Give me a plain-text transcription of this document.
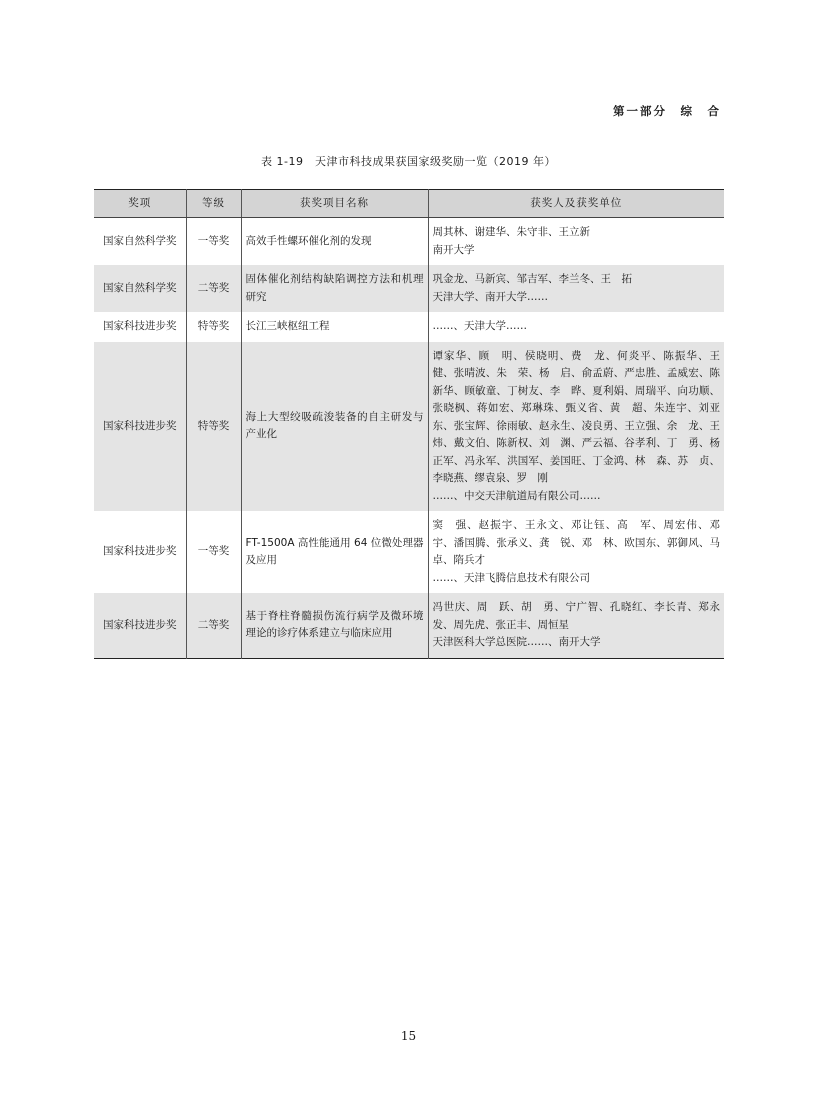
第一部分　综　合
表 1-19　天津市科技成果获国家级奖励一览（2019 年）
奖项	等级	获奖项目名称	获奖人及获奖单位
国家自然科学奖	一等奖	高效手性螺环催化剂的发现	周其林、谢建华、朱守非、王立新
南开大学

国家自然科学奖	二等奖	固体催化剂结构缺陷调控方法和机理研究	巩金龙、马新宾、邹吉军、李兰冬、王　拓
天津大学、南开大学……

国家科技进步奖	特等奖	长江三峡枢纽工程	……、天津大学……

国家科技进步奖	特等奖	海上大型绞吸疏浚装备的自主研发与产业化	谭家华、顾　明、侯晓明、费　龙、何炎平、陈振华、王　健、张晴波、朱　荣、杨　启、俞孟蔚、严忠胜、孟威宏、陈新华、顾敏童、丁树友、李　晔、夏利娟、周瑞平、向功顺、张晓枫、蒋如宏、郑琳珠、甄义省、黄　超、朱连宇、刘亚东、张宝辉、徐雨敏、赵永生、凌良勇、王立强、余　龙、王　炜、戴文伯、陈新权、刘　渊、严云福、谷孝利、丁　勇、杨正军、冯永军、洪国军、姜国旺、丁金鸿、林　森、苏　贞、李晓燕、缪袁泉、罗　刚
……、中交天津航道局有限公司……

国家科技进步奖	一等奖	FT-1500A 高性能通用 64 位微处理器及应用	窦　强、赵振宇、王永文、邓让钰、高　军、周宏伟、邓　宇、潘国腾、张承义、龚　锐、邓　林、欧国东、郭御风、马　卓、隋兵才
……、天津飞腾信息技术有限公司

国家科技进步奖	二等奖	基于脊柱脊髓损伤流行病学及微环境理论的诊疗体系建立与临床应用	冯世庆、周　跃、胡　勇、宁广智、孔晓红、李长青、郑永发、周先虎、张正丰、周恒星
天津医科大学总医院……、南开大学
15
